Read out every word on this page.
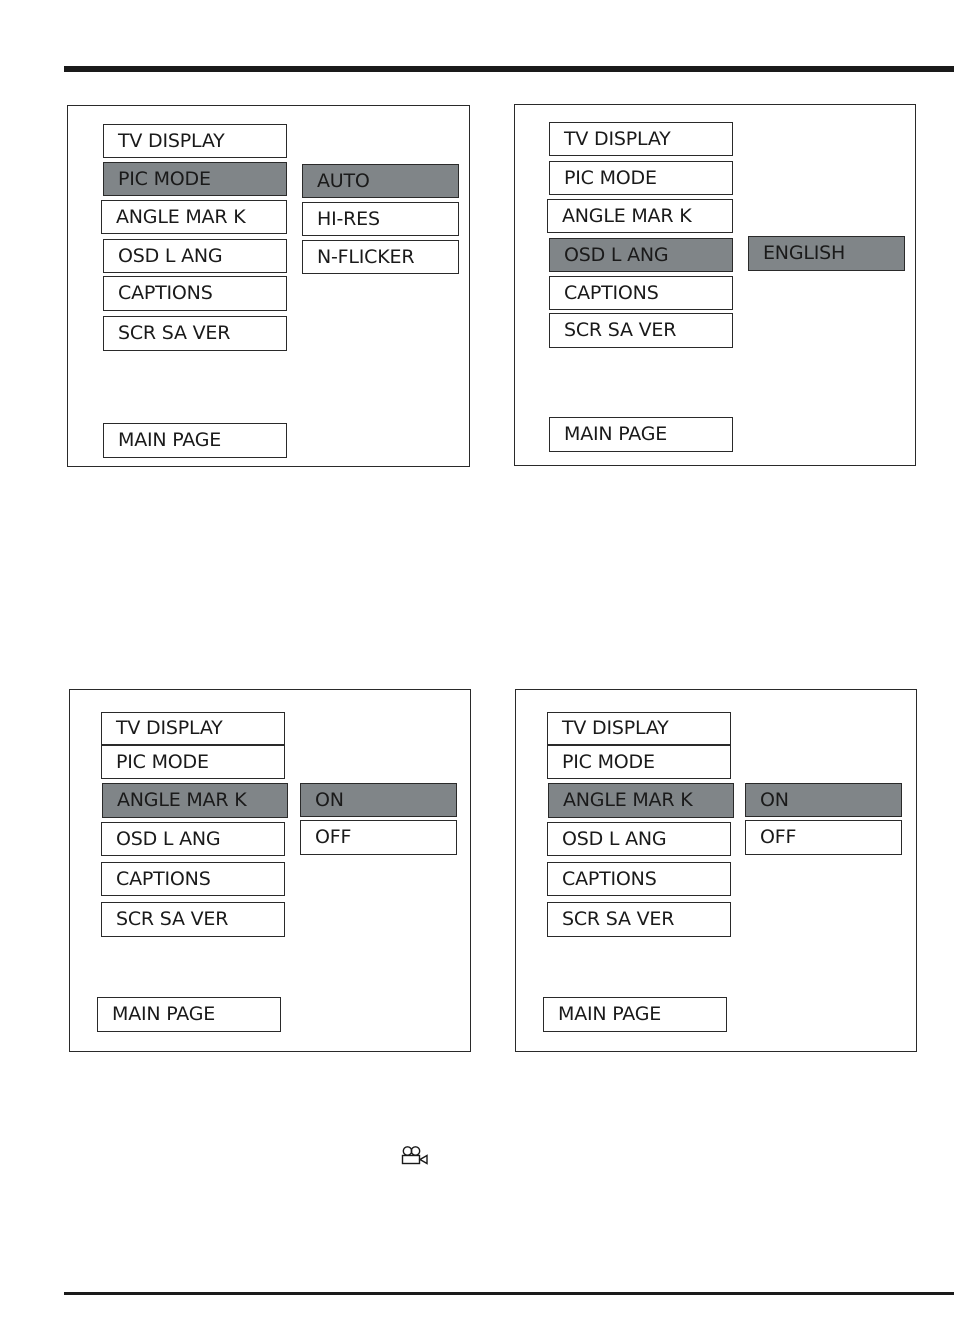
TV DISPLAY
PIC MODE
ANGLE MAR K
OSD L ANG
CAPTIONS
SCR SA VER
MAIN PAGE
AUTO
HI-RES
N-FLICKER
TV DISPLAY
PIC MODE
ANGLE MAR K
OSD L ANG
CAPTIONS
SCR SA VER
MAIN PAGE
ENGLISH
TV DISPLAY
PIC MODE
ANGLE MAR K
OSD L ANG
CAPTIONS
SCR SA VER
MAIN PAGE
ON
OFF
TV DISPLAY
PIC MODE
ANGLE MAR K
OSD L ANG
CAPTIONS
SCR SA VER
MAIN PAGE
ON
OFF
